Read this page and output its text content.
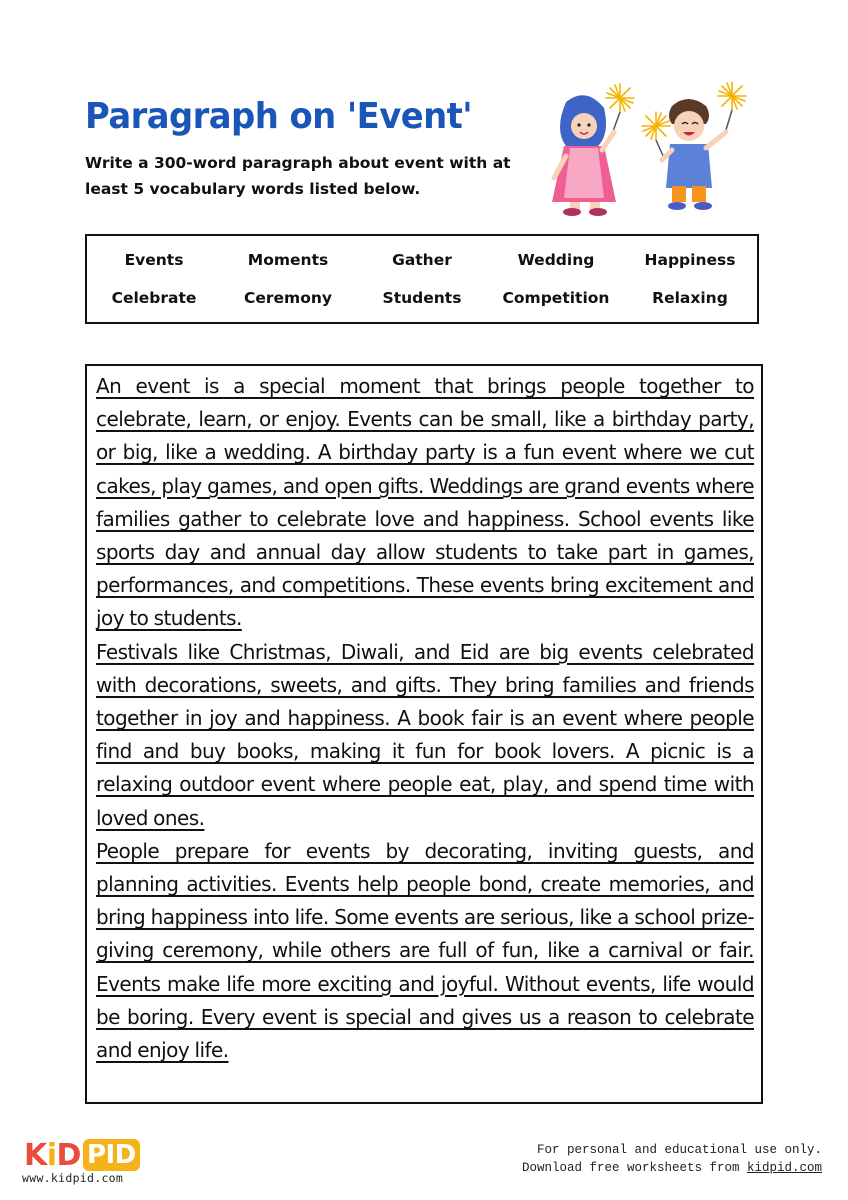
Paragraph on 'Event'

Write a 300-word paragraph about event with at least 5 vocabulary words listed below.

Events	Moments	Gather	Wedding	Happiness
Celebrate	Ceremony	Students	Competition	Relaxing

An event is a special moment that brings people together to celebrate, learn, or enjoy. Events can be small, like a birthday party, or big, like a wedding. A birthday party is a fun event where we cut cakes, play games, and open gifts. Weddings are grand events where families gather to celebrate love and happiness. School events like sports day and annual day allow students to take part in games, performances, and competitions. These events bring excitement and joy to students.

Festivals like Christmas, Diwali, and Eid are big events celebrated with decorations, sweets, and gifts. They bring families and friends together in joy and happiness. A book fair is an event where people find and buy books, making it fun for book lovers. A picnic is a relaxing outdoor event where people eat, play, and spend time with loved ones.

People prepare for events by decorating, inviting guests, and planning activities. Events help people bond, create memories, and bring happiness into life. Some events are serious, like a school prize-giving ceremony, while others are full of fun, like a carnival or fair. Events make life more exciting and joyful. Without events, life would be boring. Every event is special and gives us a reason to celebrate and enjoy life.

K i D PID
www.kidpid.com
For personal and educational use only.
Download free worksheets from kidpid.com
